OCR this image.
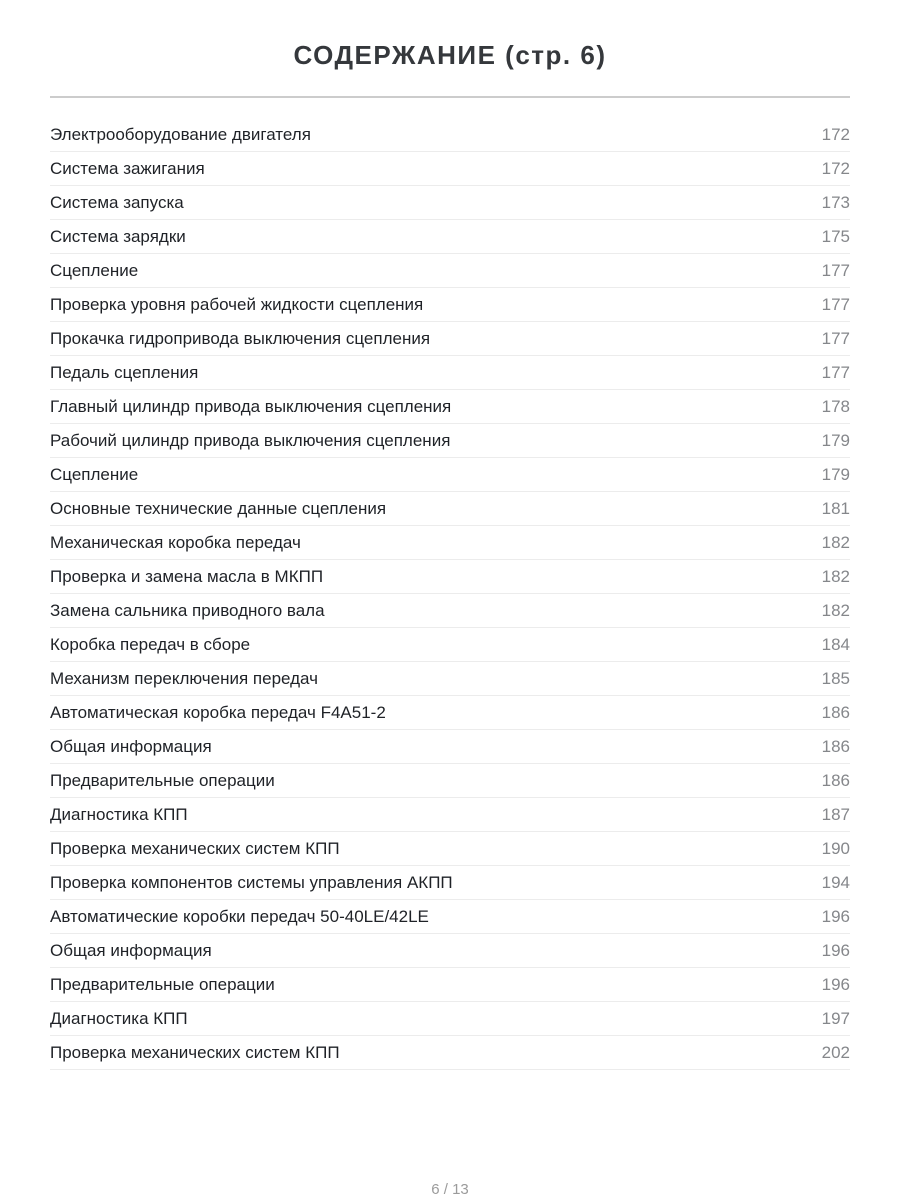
СОДЕРЖАНИЕ (стр. 6)
Электрооборудование двигателя	172
Система зажигания	172
Система запуска	173
Система зарядки	175
Сцепление	177
Проверка уровня рабочей жидкости сцепления	177
Прокачка гидропривода выключения сцепления	177
Педаль сцепления	177
Главный цилиндр привода выключения сцепления	178
Рабочий цилиндр привода выключения сцепления	179
Сцепление	179
Основные технические данные сцепления	181
Механическая коробка передач	182
Проверка и замена масла в МКПП	182
Замена сальника приводного вала	182
Коробка передач в сборе	184
Механизм переключения передач	185
Автоматическая коробка передач F4A51-2	186
Общая информация	186
Предварительные операции	186
Диагностика КПП	187
Проверка механических систем КПП	190
Проверка компонентов системы управления АКПП	194
Автоматические коробки передач 50-40LE/42LE	196
Общая информация	196
Предварительные операции	196
Диагностика КПП	197
Проверка механических систем КПП	202
6 / 13
